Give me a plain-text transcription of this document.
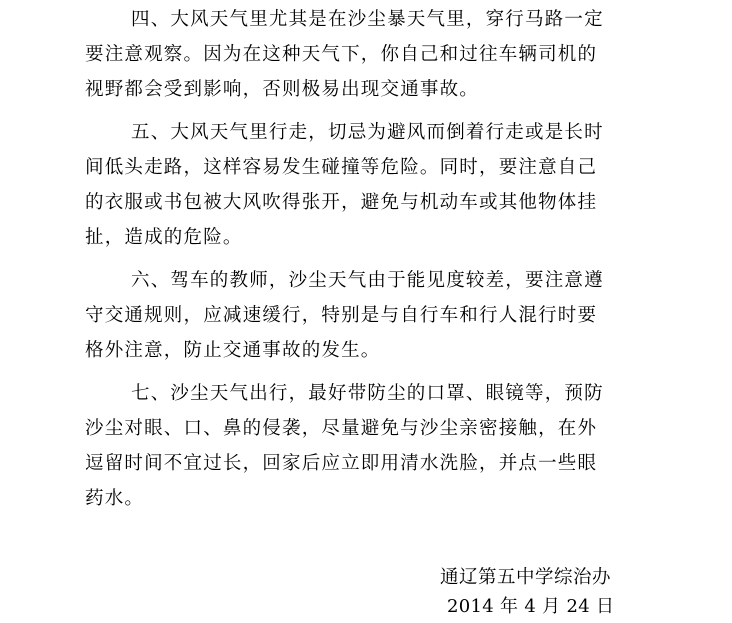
四、大风天气里尤其是在沙尘暴天气里，穿行马路一定
要注意观察。因为在这种天气下，你自己和过往车辆司机的
视野都会受到影响，否则极易出现交通事故。
五、大风天气里行走，切忌为避风而倒着行走或是长时
间低头走路，这样容易发生碰撞等危险。同时，要注意自己
的衣服或书包被大风吹得张开，避免与机动车或其他物体挂
扯，造成的危险。
六、驾车的教师，沙尘天气由于能见度较差，要注意遵
守交通规则，应减速缓行，特别是与自行车和行人混行时要
格外注意，防止交通事故的发生。
七、沙尘天气出行，最好带防尘的口罩、眼镜等，预防
沙尘对眼、口、鼻的侵袭，尽量避免与沙尘亲密接触，在外
逗留时间不宜过长，回家后应立即用清水洗脸，并点一些眼
药水。
通辽第五中学综治办
2014 年 4 月 24 日
